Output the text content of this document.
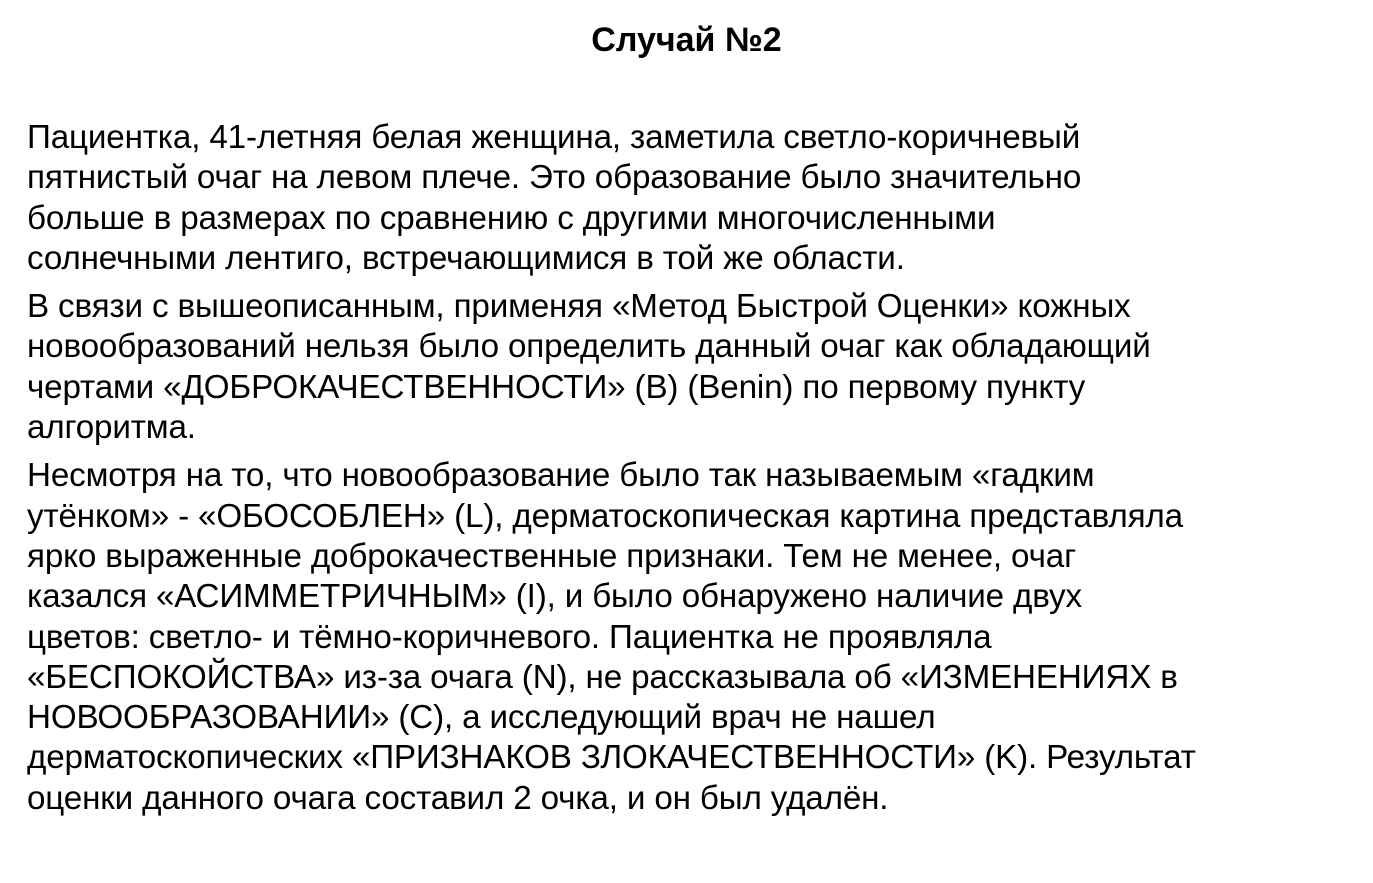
Случай №2

Пациентка, 41-летняя белая женщина, заметила светло-коричневый
пятнистый очаг на левом плече. Это образование было значительно
больше в размерах по сравнению с другими многочисленными
солнечными лентиго, встречающимися в той же области.

В связи с вышеописанным, применяя «Метод Быстрой Оценки» кожных
новообразований нельзя было определить данный очаг как обладающий
чертами «ДОБРОКАЧЕСТВЕННОСТИ» (B) (Benin) по первому пункту
алгоритма.

Несмотря на то, что новообразование было так называемым «гадким
утёнком» - «ОБОСОБЛЕН» (L), дерматоскопическая картина представляла
ярко выраженные доброкачественные признаки. Тем не менее, очаг
казался «АСИММЕТРИЧНЫМ» (I), и было обнаружено наличие двух
цветов: светло- и тёмно-коричневого. Пациентка не проявляла
«БЕСПОКОЙСТВА» из-за очага (N), не рассказывала об «ИЗМЕНЕНИЯХ в
НОВООБРАЗОВАНИИ» (C), а исследующий врач не нашел
дерматоскопических «ПРИЗНАКОВ ЗЛОКАЧЕСТВЕННОСТИ» (K). Результат
оценки данного очага составил 2 очка, и он был удалён.
